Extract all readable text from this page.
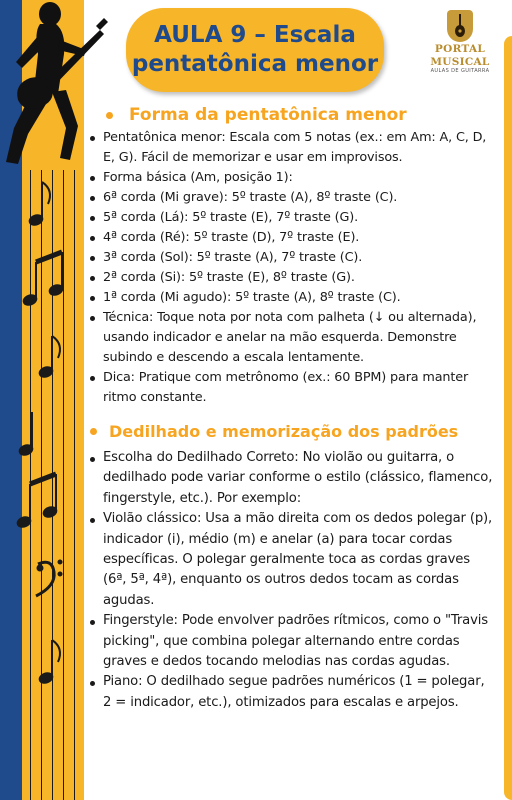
AULA 9 – Escala
pentatônica menor
PORTAL
MUSICAL
AULAS DE GUITARRA
Forma da pentatônica menor
Pentatônica menor: Escala com 5 notas (ex.: em Am: A, C, D, E, G). Fácil de memorizar e usar em improvisos.
Forma básica (Am, posição 1):
6ª corda (Mi grave): 5º traste (A), 8º traste (C).
5ª corda (Lá): 5º traste (E), 7º traste (G).
4ª corda (Ré): 5º traste (D), 7º traste (E).
3ª corda (Sol): 5º traste (A), 7º traste (C).
2ª corda (Si): 5º traste (E), 8º traste (G).
1ª corda (Mi agudo): 5º traste (A), 8º traste (C).
Técnica: Toque nota por nota com palheta (↓ ou alternada), usando indicador e anelar na mão esquerda. Demonstre subindo e descendo a escala lentamente.
Dica: Pratique com metrônomo (ex.: 60 BPM) para manter ritmo constante.
Dedilhado e memorização dos padrões
Escolha do Dedilhado Correto: No violão ou guitarra, o dedilhado pode variar conforme o estilo (clássico, flamenco, fingerstyle, etc.). Por exemplo:
Violão clássico: Usa a mão direita com os dedos polegar (p), indicador (i), médio (m) e anelar (a) para tocar cordas específicas. O polegar geralmente toca as cordas graves (6ª, 5ª, 4ª), enquanto os outros dedos tocam as cordas agudas.
Fingerstyle: Pode envolver padrões rítmicos, como o "Travis picking", que combina polegar alternando entre cordas graves e dedos tocando melodias nas cordas agudas.
Piano: O dedilhado segue padrões numéricos (1 = polegar, 2 = indicador, etc.), otimizados para escalas e arpejos.
